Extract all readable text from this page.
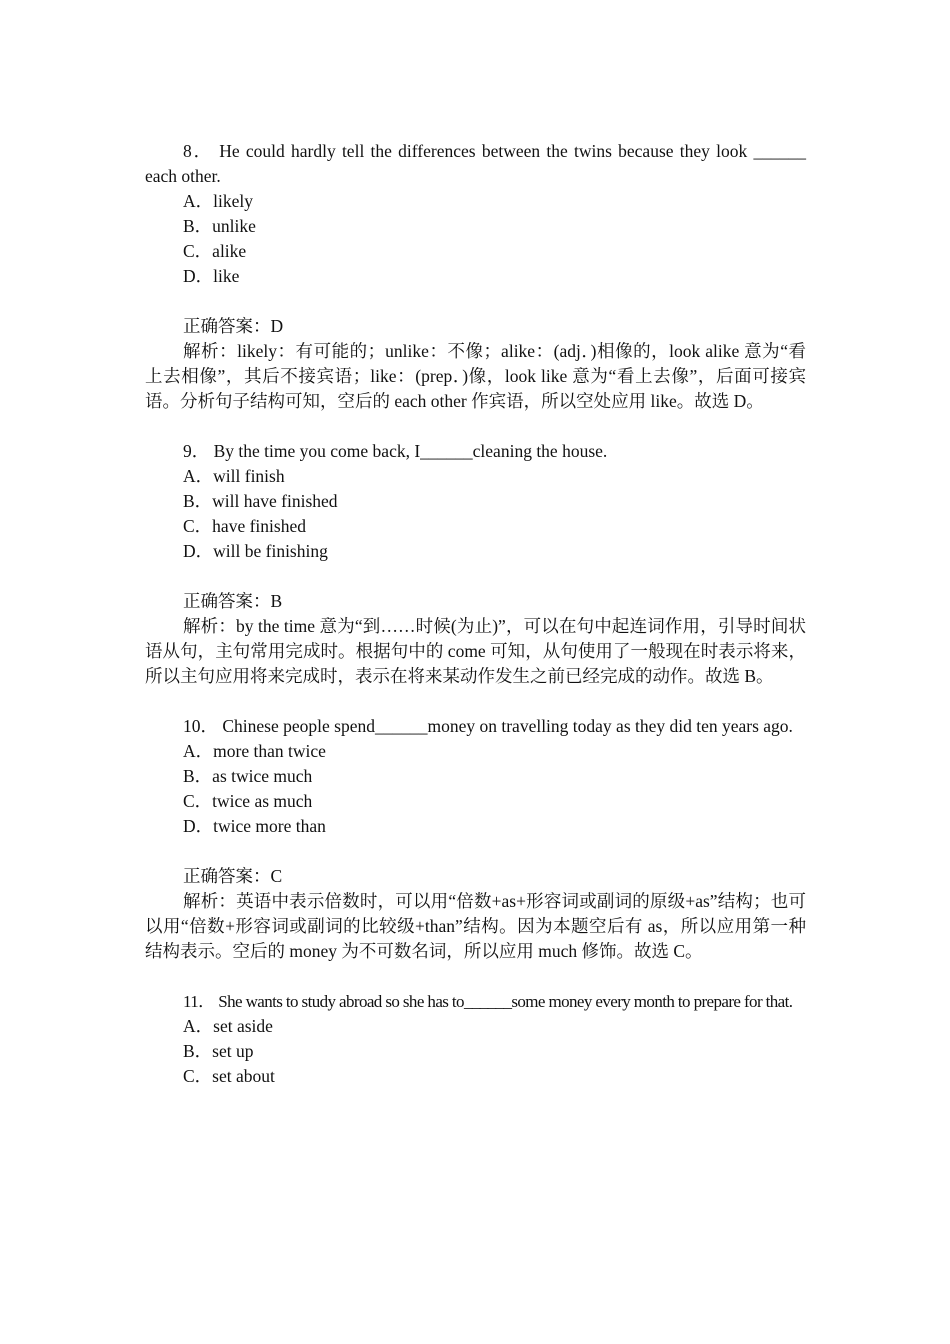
8． He could hardly tell the differences between the twins because they look ______ each other.

A．likely
B．unlike
C．alike
D．like
正确答案：D

解析：likely：有可能的；unlike：不像；alike：(adj．)相像的，look alike 意为“看上去相像”，其后不接宾语；like：(prep．)像，look like 意为“看上去像”，后面可接宾语。分析句子结构可知，空后的 each other 作宾语，所以空处应用 like。故选 D。

9． By the time you come back, I______cleaning the house.

A．will finish
B．will have finished
C．have finished
D．will be finishing
正确答案：B

解析：by the time 意为“到……时候(为止)”，可以在句中起连词作用，引导时间状语从句，主句常用完成时。根据句中的 come 可知，从句使用了一般现在时表示将来，所以主句应用将来完成时，表示在将来某动作发生之前已经完成的动作。故选 B。

10． Chinese people spend______money on travelling today as they did ten years ago.

A．more than twice
B．as twice much
C．twice as much
D．twice more than
正确答案：C

解析：英语中表示倍数时，可以用“倍数+as+形容词或副词的原级+as”结构；也可以用“倍数+形容词或副词的比较级+than”结构。因为本题空后有 as，所以应用第一种结构表示。空后的 money 为不可数名词，所以应用 much 修饰。故选 C。

11． She wants to study abroad so she has to______some money every month to prepare for that.

A．set aside
B．set up
C．set about
